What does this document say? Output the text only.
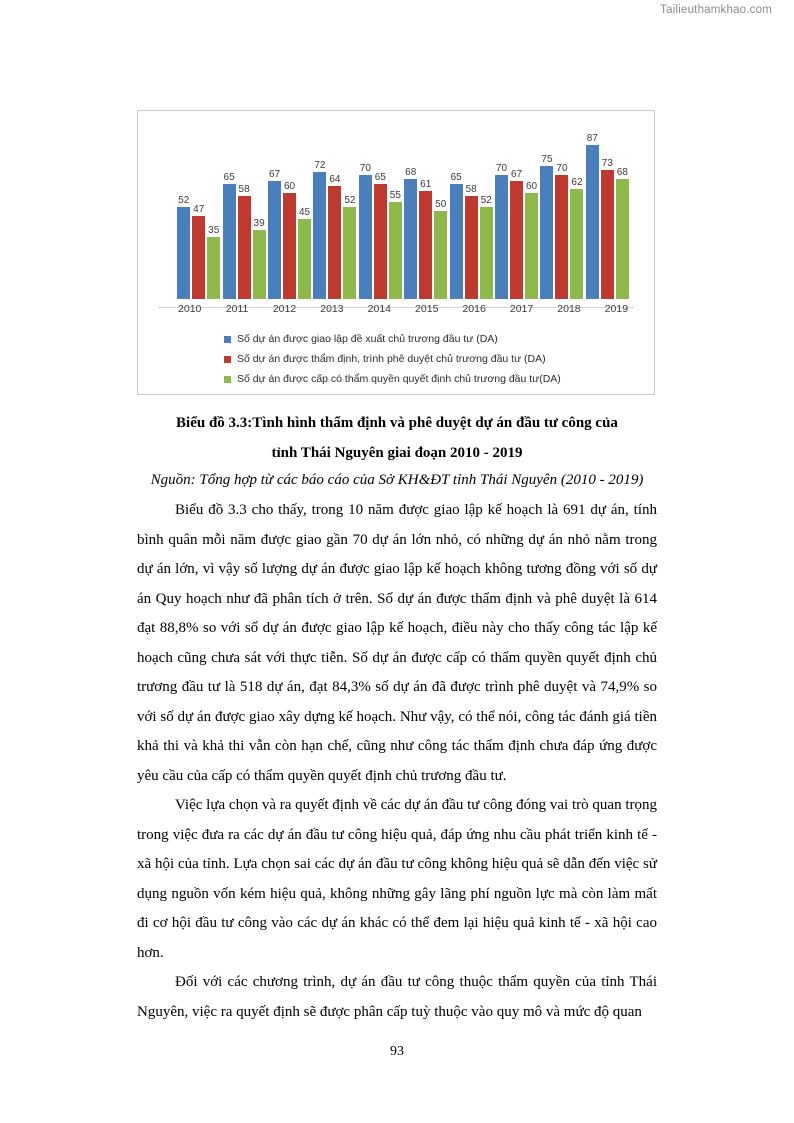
Tailieuthamkhao.com
52
47
35
65
58
39
67
60
45
72
64
52
70
65
55
68
61
50
65
58
52
70 67
60
75
70
62
87
73
68
2010	2011	2012	2013	2014	2015	2016	2017	2018	2019
Số dự án được giao lập đề xuất chủ trương đầu tư (DA)
Số dự án được thẩm định, trình phê duyệt chủ trương đầu tư (DA)
Số dự án được cấp có thẩm quyền quyết định chủ trương đầu tư(DA)
Biểu đồ 3.3:Tình hình thẩm định và phê duyệt dự án đầu tư công của
tỉnh Thái Nguyên giai đoạn 2010 - 2019
Nguồn: Tổng hợp từ các báo cáo của Sở KH&ĐT tỉnh Thái Nguyên (2010 - 2019)

Biểu đồ 3.3 cho thấy, trong 10 năm được giao lập kế hoạch là 691 dự án, tính bình quân mỗi năm được giao gần 70 dự án lớn nhỏ, có những dự án nhỏ nằm trong dự án lớn, vì vậy số lượng dự án được giao lập kế hoạch không tương đồng với số dự án Quy hoạch như đã phân tích ở trên. Số dự án được thẩm định và phê duyệt là 614 đạt 88,8% so với số dự án được giao lập kế hoạch, điều này cho thấy công tác lập kế hoạch cũng chưa sát với thực tiễn. Số dự án được cấp có thẩm quyền quyết định chủ trương đầu tư là 518 dự án, đạt 84,3% số dự án đã được trình phê duyệt và 74,9% so với số dự án được giao xây dựng kế hoạch. Như vậy, có thể nói, công tác đánh giá tiền khả thi và khả thi vẫn còn hạn chế, cũng như công tác thẩm định chưa đáp ứng được yêu cầu của cấp có thẩm quyền quyết định chủ trương đầu tư.

Việc lựa chọn và ra quyết định về các dự án đầu tư công đóng vai trò quan trọng trong việc đưa ra các dự án đầu tư công hiệu quả, đáp ứng nhu cầu phát triển kinh tế - xã hội của tỉnh. Lựa chọn sai các dự án đầu tư công không hiệu quả sẽ dẫn đến việc sử dụng nguồn vốn kém hiệu quả, không những gây lãng phí nguồn lực mà còn làm mất đi cơ hội đầu tư công vào các dự án khác có thể đem lại hiệu quả kinh tế - xã hội cao hơn.

Đối với các chương trình, dự án đầu tư công thuộc thẩm quyền của tỉnh Thái Nguyên, việc ra quyết định sẽ được phân cấp tuỳ thuộc vào quy mô và mức độ quan

93
